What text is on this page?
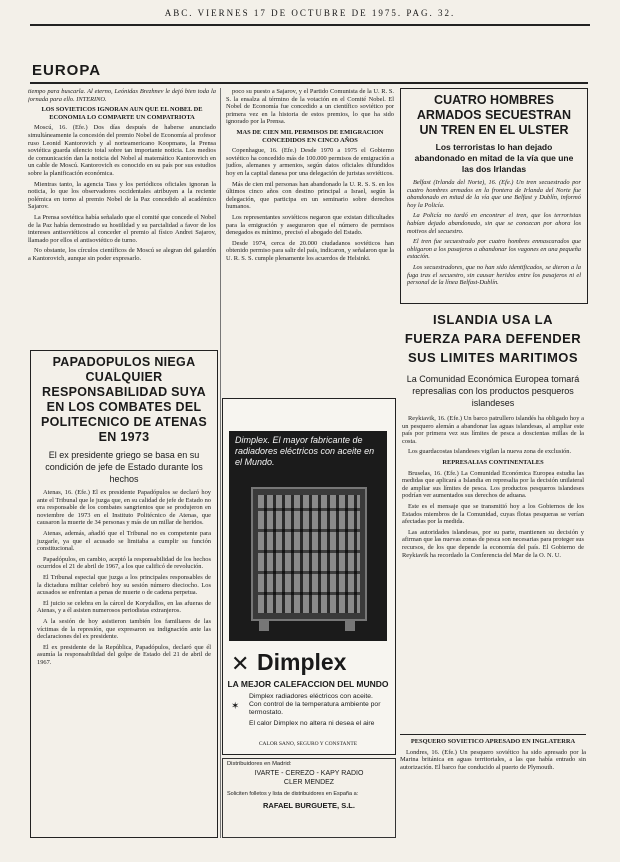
ABC. VIERNES 17 DE OCTUBRE DE 1975. PAG. 32.
EUROPA

tiempo para buscarla. Al eterno, Leónidas Brezhnev le dejó bien toda la jornada para ello. INTERINO.

LOS SOVIETICOS IGNORAN AUN QUE EL NOBEL DE ECONOMIA LO COMPARTE UN COMPATRIOTA

Moscú, 16. (Efe.) Dos días después de haberse anunciado simultáneamente la concesión del premio Nobel de Economía al profesor ruso Leonid Kantorovich y al norteamericano Koopmans, la Prensa soviética guarda silencio total sobre tan importante noticia. Los medios de comunicación dan la noticia del Nobel al matemático Kantorovich en un cable de Moscú. Kantorovich es conocido en su país por sus estudios sobre la planificación económica.

Mientras tanto, la agencia Tass y los periódicos oficiales ignoran la noticia, lo que los observadores occidentales atribuyen a la reciente polémica en torno al premio Nobel de la Paz concedido al académico Sajarov.

La Prensa soviética había señalado que el comité que concede el Nobel de la Paz había demostrado su hostilidad y su parcialidad a favor de los intereses antisoviéticos al conceder el premio al físico Andrei Sajarov, llamado por ellos el antisoviético de turno.

No obstante, los círculos científicos de Moscú se alegran del galardón a Kantorovich, aunque sin poder expresarlo.

PAPADOPULOS NIEGA CUALQUIER RESPONSABILIDAD SUYA EN LOS COMBATES DEL POLITECNICO DE ATENAS EN 1973
El ex presidente griego se basa en su condición de jefe de Estado durante los hechos

Atenas, 16. (Efe.) El ex presidente Papadópulos se declaró hoy ante el Tribunal que le juzga que, en su calidad de jefe de Estado no era responsable de los combates sangrientos que se produjeron en noviembre de 1973 en el Instituto Politécnico de Atenas, que causaron la muerte de 34 personas y más de un millar de heridos.

Atenas, además, añadió que el Tribunal no es competente para juzgarle, ya que el acusado se limitaba a cumplir su función constitucional.

Papadópulos, en cambio, aceptó la responsabilidad de los hechos ocurridos el 21 de abril de 1967, a los que calificó de revolución.

El Tribunal especial que juzga a los principales responsables de la dictadura militar celebró hoy su sesión número dieciocho. Los acusados se enfrentan a penas de muerte o de cadena perpetua.

El juicio se celebra en la cárcel de Korydallos, en las afueras de Atenas, y a él asisten numerosos periodistas extranjeros.

A la sesión de hoy asistieron también los familiares de las víctimas de la represión, que expresaron su indignación ante las declaraciones del ex presidente.

El ex presidente de la República, Papadópulos, declaró que él asumía la responsabilidad del golpe de Estado del 21 de abril de 1967.

poco su puesto a Sajarov, y el Partido Comunista de la U. R. S. S. la ensalza al término de la votación en el Comité Nobel. El Nobel de Economía fue concedido a un científico soviético por primera vez en la historia de estos premios, lo que ha sido ignorado por la Prensa.

MAS DE CIEN MIL PERMISOS DE EMIGRACION CONCEDIDOS EN CINCO AÑOS

Copenhague, 16. (Efe.) Desde 1970 a 1975 el Gobierno soviético ha concedido más de 100.000 permisos de emigración a judíos, alemanes y armenios, según datos oficiales difundidos hoy en la capital danesa por una delegación de juristas soviéticos.

Más de cien mil personas han abandonado la U. R. S. S. en los últimos cinco años con destino principal a Israel, según la delegación, que participa en un seminario sobre derechos humanos.

Los representantes soviéticos negaron que existan dificultades para la emigración y aseguraron que el número de permisos denegados es mínimo, precisó el abogado del Estado.

Desde 1974, cerca de 20.000 ciudadanos soviéticos han obtenido permiso para salir del país, indicaron, y señalaron que la U. R. S. S. cumple plenamente los acuerdos de Helsinki.

Dimplex. El mayor fabricante de radiadores eléctricos con aceite en el Mundo.
✕ Dimplex
LA MEJOR CALEFACCION DEL MUNDO
✶
Dimplex radiadores eléctricos con aceite. Con control de la temperatura ambiente por termostato.
El calor Dimplex no altera ni desea el aire
CALOR SANO, SEGURO Y CONSTANTE
Distribuidores en Madrid:
IVARTE - CEREZO - KAPY RADIO CLER MENDEZ
Soliciten folletos y lista de distribuidores en España a:
RAFAEL BURGUETE, S.L.
CUATRO HOMBRES ARMADOS SECUESTRAN UN TREN EN EL ULSTER
Los terroristas lo han dejado abandonado en mitad de la vía que une las dos Irlandas

Belfast (Irlanda del Norte), 16. (Efe.) Un tren secuestrado por cuatro hombres armados en la frontera de Irlanda del Norte fue abandonado en mitad de la vía que une Belfast y Dublín, informó hoy la Policía.

La Policía no tardó en encontrar el tren, que los terroristas habían dejado abandonado, sin que se conozcan por ahora los motivos del secuestro.

El tren fue secuestrado por cuatro hombres enmascarados que obligaron a los pasajeros a abandonar los vagones en una pequeña estación.

Los secuestradores, que no han sido identificados, se dieron a la fuga tras el secuestro, sin causar heridos entre los pasajeros ni el personal de la línea Belfast-Dublín.

ISLANDIA USA LA FUERZA PARA DEFENDER SUS LIMITES MARITIMOS
La Comunidad Económica Europea tomará represalias con los productos pesqueros islandeses

Reykiavik, 16. (Efe.) Un barco patrullero islandés ha obligado hoy a un pesquero alemán a abandonar las aguas islandesas, al ampliar este país por primera vez sus límites de pesca a doscientas millas de la costa.

Los guardacostas islandeses vigilan la nueva zona de exclusión.

REPRESALIAS CONTINENTALES

Bruselas, 16. (Efe.) La Comunidad Económica Europea estudia las medidas que aplicará a Islandia en represalia por la decisión unilateral de ampliar sus límites de pesca. Los productos pesqueros islandeses podrían ver aumentados sus derechos de aduana.

Este es el mensaje que se transmitió hoy a los Gobiernos de los Estados miembros de la Comunidad, cuyas flotas pesqueras se verían afectadas por la medida.

Las autoridades islandesas, por su parte, mantienen su decisión y afirman que las nuevas zonas de pesca son necesarias para proteger sus recursos, de los que depende la economía del país. El Gobierno de Reykiavik ha recordado la Conferencia del Mar de la O. N. U.

PESQUERO SOVIETICO APRESADO EN INGLATERRA

Londres, 16. (Efe.) Un pesquero soviético ha sido apresado por la Marina británica en aguas territoriales, a las que había entrado sin autorización. El barco fue conducido al puerto de Plymouth.
